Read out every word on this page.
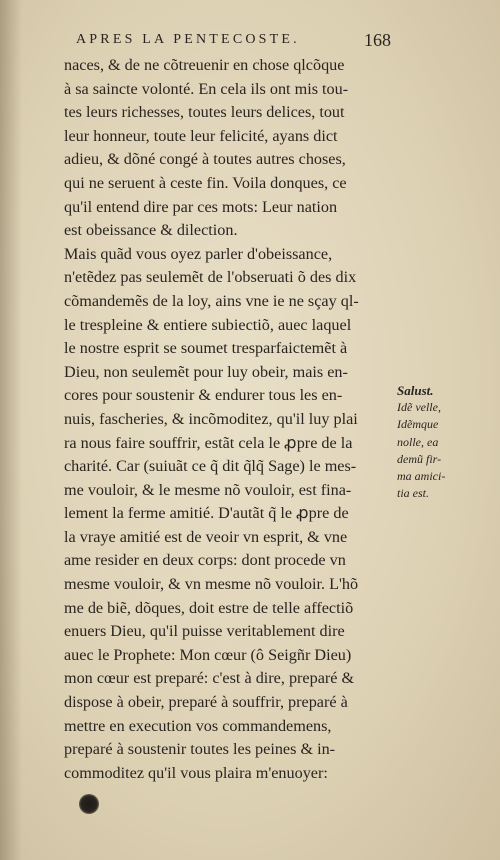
APRES LA PENTECOSTE.	168
naces, & de ne cõtreuenir en chose qlcõque
à sa saincte volonté. En cela ils ont mis tou-
tes leurs richesses, toutes leurs delices, tout
leur honneur, toute leur felicité, ayans dict
adieu, & dõné congé à toutes autres choses,
qui ne seruent à ceste fin. Voila donques, ce
qu'il entend dire par ces mots: Leur nation
est obeissance & dilection.
Mais quãd vous oyez parler d'obeissance,
n'etẽdez pas seulemẽt de l'obseruati õ des dix
cõmandemẽs de la loy, ains vne ie ne sçay ql-
le trespleine & entiere subiectiõ, auec laquel
le nostre esprit se soumet tresparfaictemẽt à
Dieu, non seulemẽt pour luy obeir, mais en-
cores pour soustenir & endurer tous les en-
nuis, fascheries, & incõmoditez, qu'il luy plai
ra nous faire souffrir, estãt cela le ꝓpre de la
charité. Car (suiuãt ce q̃ dit q̃lq̃ Sage) le mes-
me vouloir, & le mesme nõ vouloir, est fina-
lement la ferme amitié. D'autãt q̃ le ꝓpre de
la vraye amitié est de veoir vn esprit, & vne
ame resider en deux corps: dont procede vn
mesme vouloir, & vn mesme nõ vouloir. L'hõ
me de biẽ, dõques, doit estre de telle affectiõ
enuers Dieu, qu'il puisse veritablement dire
auec le Prophete: Mon cœur (ô Seigñr Dieu)
mon cœur est preparé: c'est à dire, preparé &
dispose à obeir, preparé à souffrir, preparé à
mettre en execution vos commandemens,
preparé à soustenir toutes les peines & in-
commoditez qu'il vous plaira m'enuoyer:
Salust.
Idẽ velle,
Idẽmque
nolle, ea
demũ fir-
ma amici-
tia est.
